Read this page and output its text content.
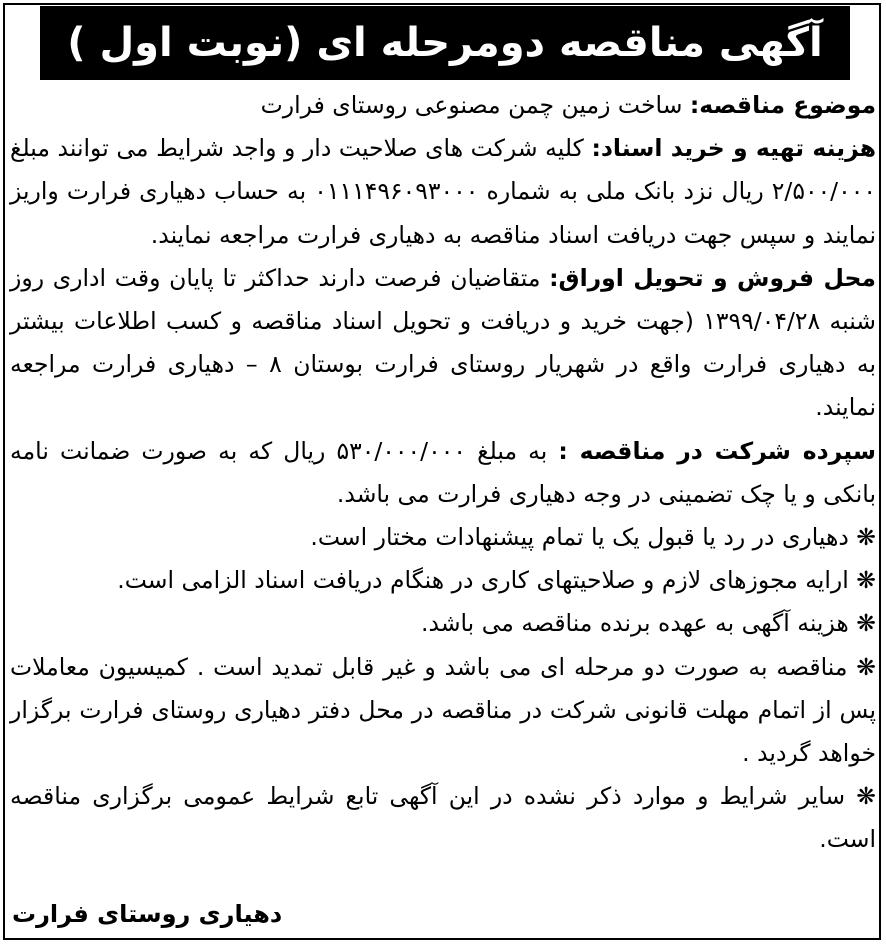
آگهی مناقصه دومرحله ای (نوبت اول )

موضوع مناقصه: ساخت زمین چمن مصنوعی روستای فرارت

هزینه تهیه و خرید اسناد: کلیه شرکت های صلاحیت دار و واجد شرایط می توانند مبلغ ۲/۵۰۰/۰۰۰ ریال نزد بانک ملی به شماره ۰۱۱۱۴۹۶۰۹۳۰۰۰ به حساب دهیاری فرارت واریز نمایند و سپس جهت دریافت اسناد مناقصه به دهیاری فرارت مراجعه نمایند.

محل فروش و تحویل اوراق: متقاضیان فرصت دارند حداکثر تا پایان وقت اداری روز شنبه ۱۳۹۹/۰۴/۲۸ (جهت خرید و دریافت و تحویل اسناد مناقصه و کسب اطلاعات بیشتر به دهیاری فرارت واقع در شهریار روستای فرارت بوستان ۸ – دهیاری فرارت مراجعه نمایند.

سپرده شرکت در مناقصه : به مبلغ ۵۳۰/۰۰۰/۰۰۰ ریال که به صورت ضمانت نامه بانکی و یا چک تضمینی در وجه دهیاری فرارت می باشد.

❋ دهیاری در رد یا قبول یک یا تمام پیشنهادات مختار است.

❋ ارایه مجوزهای لازم و صلاحیتهای کاری در هنگام دریافت اسناد الزامی است.

❋ هزینه آگهی به عهده برنده مناقصه می باشد.

❋ مناقصه به صورت دو مرحله ای می باشد و غیر قابل تمدید است . کمیسیون معاملات پس از اتمام مهلت قانونی شرکت در مناقصه در محل دفتر دهیاری روستای فرارت برگزار خواهد گردید .

❋ سایر شرایط و موارد ذکر نشده در این آگهی تابع شرایط عمومی برگزاری مناقصه است.

دهیاری روستای فرارت
